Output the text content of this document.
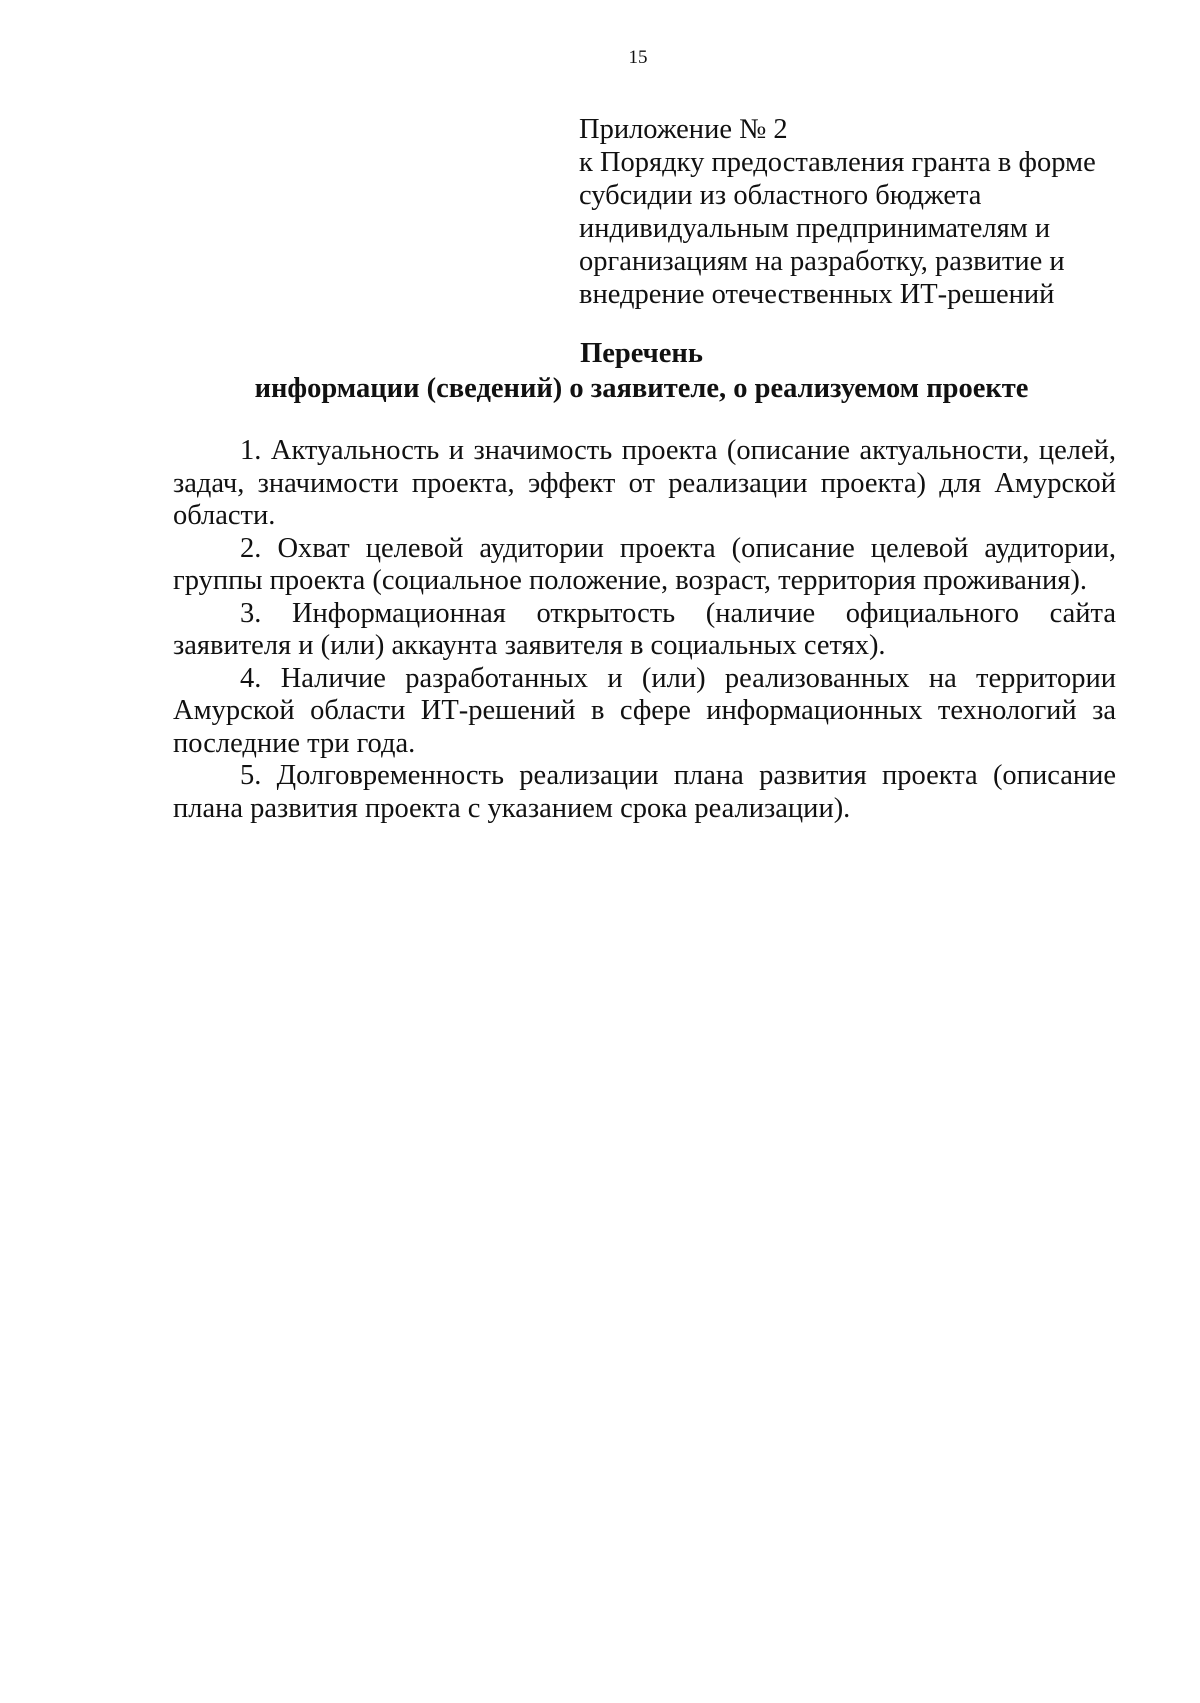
15
Приложение № 2
к Порядку предоставления гранта в форме
субсидии из областного бюджета
индивидуальным предпринимателям и
организациям на разработку, развитие и
внедрение отечественных ИТ-решений
Перечень
информации (сведений) о заявителе, о реализуемом проекте

1. Актуальность и значимость проекта (описание актуальности, целей, задач, значимости проекта, эффект от реализации проекта) для Амурской области.

2. Охват целевой аудитории проекта (описание целевой аудитории, группы проекта (социальное положение, возраст, территория проживания).

3. Информационная открытость (наличие официального сайта заявителя и (или) аккаунта заявителя в социальных сетях).

4. Наличие разработанных и (или) реализованных на территории Амурской области ИТ-решений в сфере информационных технологий за последние три года.

5. Долговременность реализации плана развития проекта (описание плана развития проекта с указанием срока реализации).
